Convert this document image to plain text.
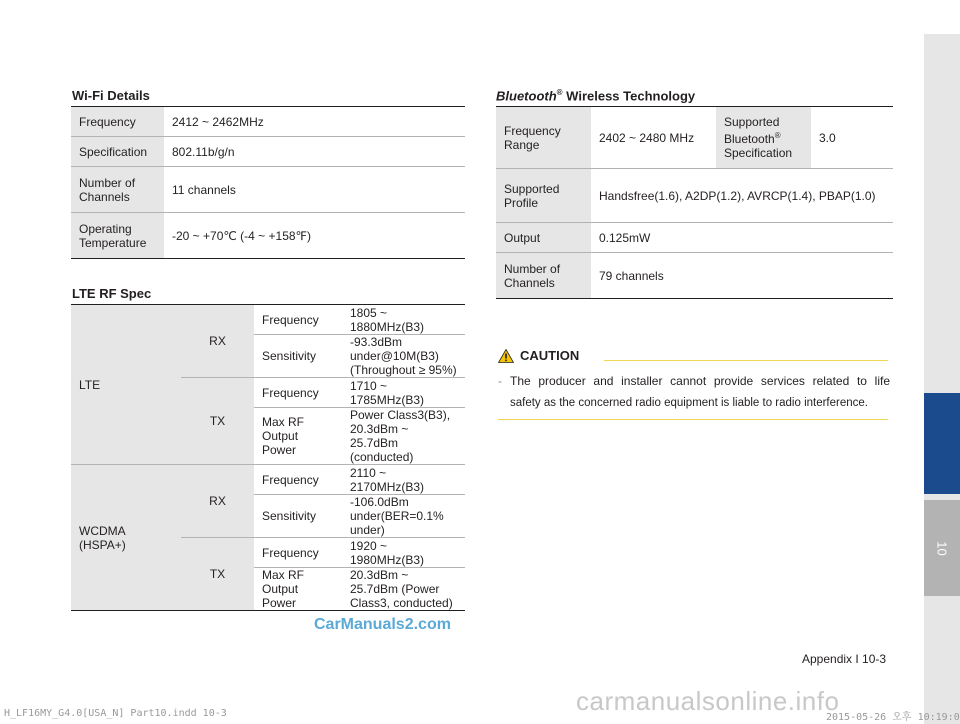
10
Wi-Fi Details
Frequency	2412 ~ 2462MHz
Specification	802.11b/g/n
Number of
Channels	11 channels
Operating
Temperature	-20 ~ +70℃ (-4 ~ +158℉)
LTE RF Spec
LTE	RX	Frequency	1805 ~ 1880MHz(B3)
		Sensitivity	-93.3dBm under@10M(B3)
(Throughout ≥ 95%)
	TX	Frequency	1710 ~ 1785MHz(B3)
		Max RF
Output Power	Power Class3(B3), 20.3dBm ~
25.7dBm (conducted)
WCDMA
(HSPA+)	RX	Frequency	2110 ~ 2170MHz(B3)
		Sensitivity	-106.0dBm under(BER=0.1%
under)
	TX	Frequency	1920 ~ 1980MHz(B3)
		Max RF
Output Power	20.3dBm ~ 25.7dBm (Power
Class3, conducted)
Bluetooth® Wireless Technology
Frequency
Range	2402 ~ 2480 MHz	Supported
Bluetooth®
Specification	3.0
Supported
Profile	Handsfree(1.6), A2DP(1.2), AVRCP(1.4), PBAP(1.0)		
Output	0.125mW		
Number of
Channels	79 channels		
CAUTION
- The producer and installer cannot provide services related to life
safety as the concerned radio equipment is liable to radio interference.
Appendix I 10-3
CarManuals2.com
carmanualsonline.info
H_LF16MY_G4.0[USA_N] Part10.indd 10-3	2015-05-26 오후 10:19:0
